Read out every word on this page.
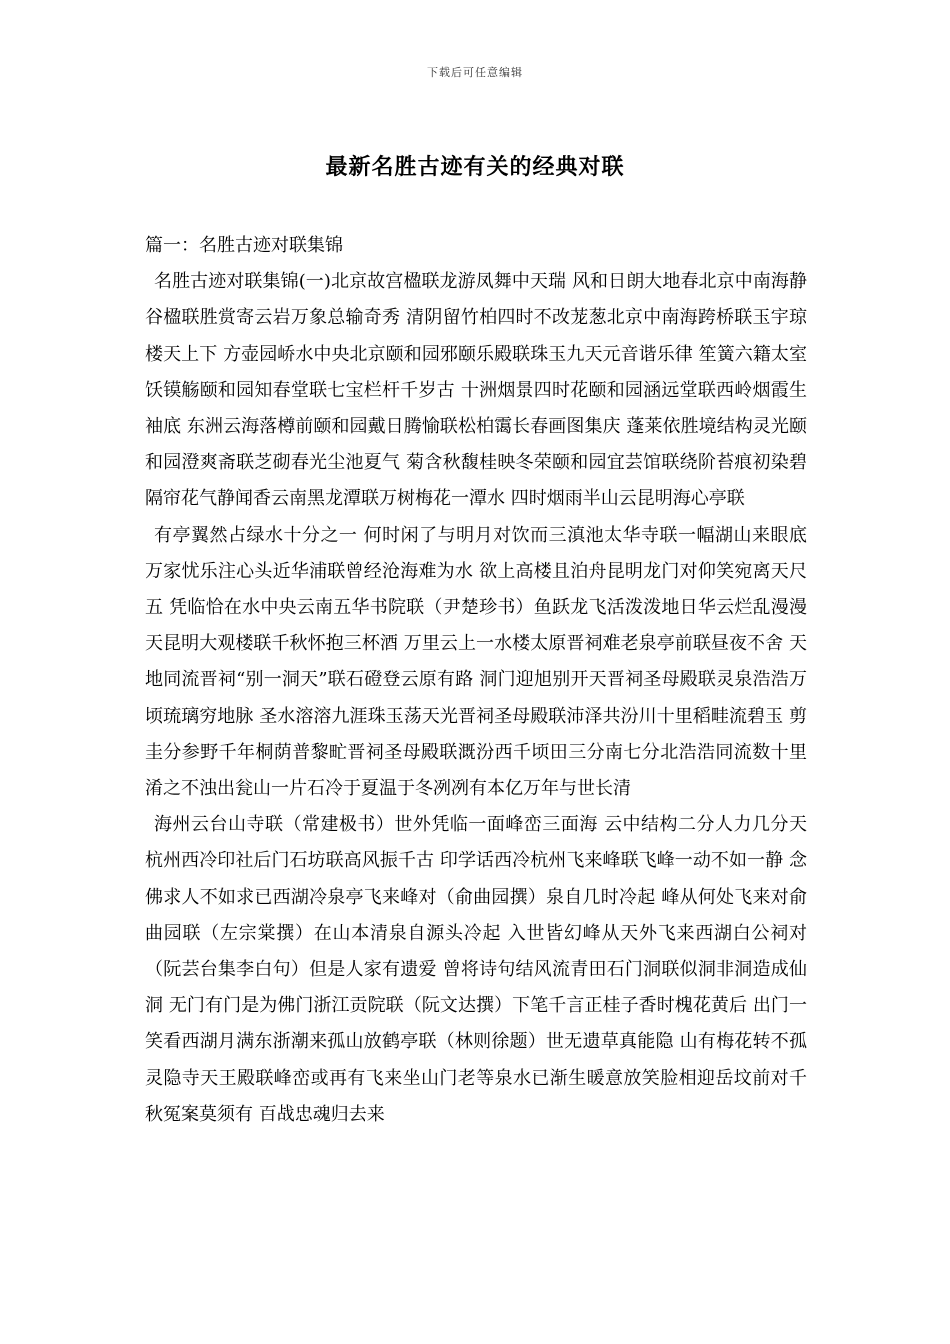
下载后可任意编辑
最新名胜古迹有关的经典对联

篇一：名胜古迹对联集锦

名胜古迹对联集锦(一)北京故宫楹联龙游凤舞中天瑞 风和日朗大地春北京中南海静谷楹联胜赏寄云岩万象总输奇秀 清阴留竹柏四时不改茏葱北京中南海跨桥联玉宇琼楼天上下 方壶园峤水中央北京颐和园邪颐乐殿联珠玉九天元音谐乐律 笙簧六籍太室饫镆觞颐和园知春堂联七宝栏杆千岁古 十洲烟景四时花颐和园涵远堂联西岭烟霞生袖底 东洲云海落樽前颐和园戴日腾愉联松柏霭长春画图集庆 蓬莱依胜境结构灵光颐和园澄爽斋联芝砌春光尘池夏气 菊含秋馥桂映冬荣颐和园宜芸馆联绕阶苔痕初染碧 隔帘花气静闻香云南黑龙潭联万树梅花一潭水 四时烟雨半山云昆明海心亭联

有亭翼然占绿水十分之一 何时闲了与明月对饮而三滇池太华寺联一幅湖山来眼底 万家忧乐注心头近华浦联曾经沧海难为水 欲上高楼且泊舟昆明龙门对仰笑宛离天尺五 凭临恰在水中央云南五华书院联（尹楚珍书）鱼跃龙飞活泼泼地日华云烂乱漫漫天昆明大观楼联千秋怀抱三杯酒 万里云上一水楼太原晋祠难老泉亭前联昼夜不舍 天地同流晋祠“别一洞天”联石磴登云原有路 洞门迎旭别开天晋祠圣母殿联灵泉浩浩万顷琉璃穷地脉 圣水溶溶九涯珠玉荡天光晋祠圣母殿联沛泽共汾川十里稻畦流碧玉 剪圭分参野千年桐荫普黎甿晋祠圣母殿联溉汾西千顷田三分南七分北浩浩同流数十里淆之不浊出瓮山一片石冷于夏温于冬冽冽有本亿万年与世长清

海州云台山寺联（常建极书）世外凭临一面峰峦三面海 云中结构二分人力几分天杭州西冷印社后门石坊联高风振千古 印学话西冷杭州飞来峰联飞峰一动不如一静 念佛求人不如求已西湖冷泉亭飞来峰对（俞曲园撰）泉自几时冷起 峰从何处飞来对俞曲园联（左宗棠撰）在山本清泉自源头冷起 入世皆幻峰从天外飞来西湖白公祠对（阮芸台集李白句）但是人家有遗爱 曾将诗句结风流青田石门洞联似洞非洞造成仙洞 无门有门是为佛门浙江贡院联（阮文达撰）下笔千言正桂子香时槐花黄后 出门一笑看西湖月满东浙潮来孤山放鹤亭联（林则徐题）世无遗草真能隐 山有梅花转不孤灵隐寺天王殿联峰峦或再有飞来坐山门老等泉水已渐生暖意放笑脸相迎岳坟前对千秋冤案莫须有 百战忠魂归去来
